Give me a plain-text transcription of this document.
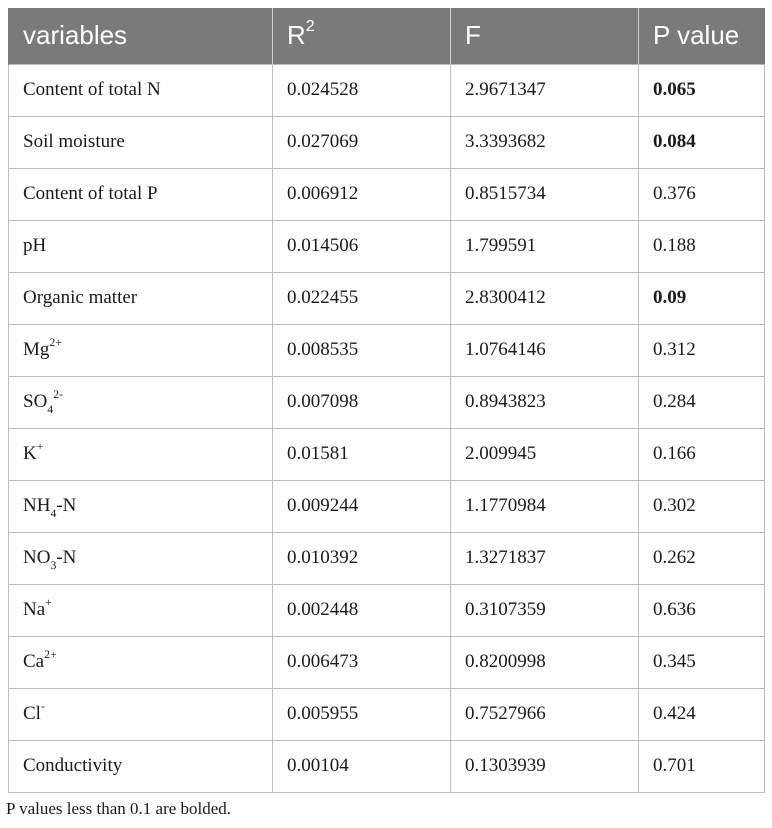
variables	$R^2$	F	P value
Content of total N	0.024528	2.9671347	0.065
Soil moisture	0.027069	3.3393682	0.084
Content of total P	0.006912	0.8515734	0.376
pH	0.014506	1.799591	0.188
Organic matter	0.022455	2.8300412	0.09
$Mg^{2+}$	0.008535	1.0764146	0.312
$SO_4^{2-}$	0.007098	0.8943823	0.284
K+	0.01581	2.009945	0.166
$NH_4-N$	0.009244	1.1770984	0.302
$NO_3-N$	0.010392	1.3271837	0.262
Na+	0.002448	0.3107359	0.636
$Ca^{2+}$	0.006473	0.8200998	0.345
Cl-	0.005955	0.7527966	0.424
Conductivity	0.00104	0.1303939	0.701
P values less than 0.1 are bolded.
